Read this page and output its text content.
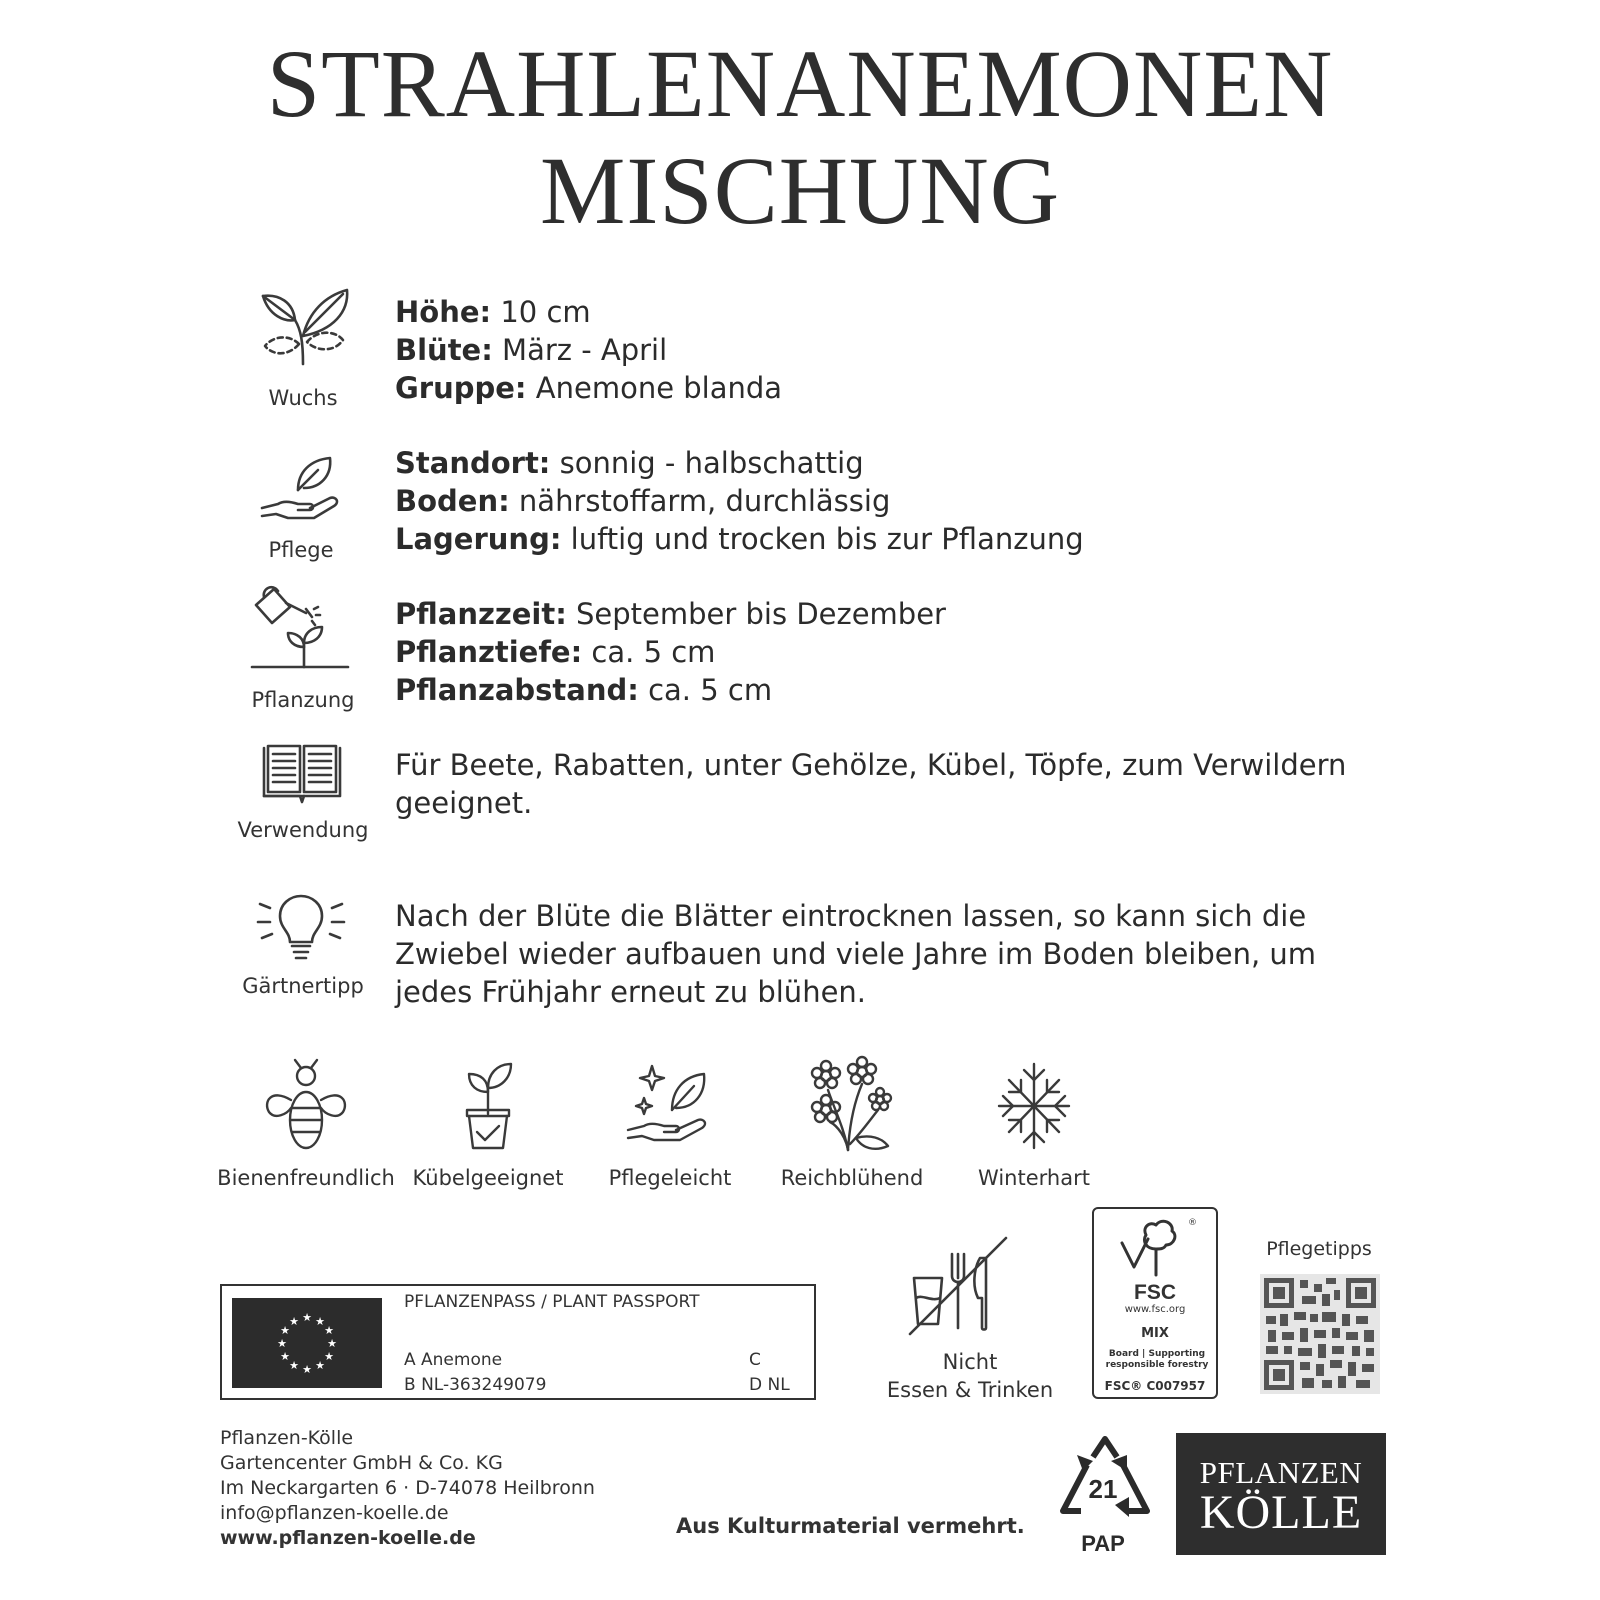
STRAHLENANEMONEN
MISCHUNG
Wuchs
Höhe: 10 cm
Blüte: März - April
Gruppe: Anemone blanda
Pflege
Standort: sonnig - halbschattig
Boden: nährstoffarm, durchlässig
Lagerung: luftig und trocken bis zur Pflanzung
Pflanzung
Pflanzzeit: September bis Dezember
Pflanztiefe: ca. 5 cm
Pflanzabstand: ca. 5 cm
Verwendung
Für Beete, Rabatten, unter Gehölze, Kübel, Töpfe, zum Verwildern
geeignet.
Gärtnertipp
Nach der Blüte die Blätter eintrocknen lassen, so kann sich die
Zwiebel wieder aufbauen und viele Jahre im Boden bleiben, um
jedes Frühjahr erneut zu blühen.
Bienenfreundlich Kübelgeeignet	Pflegeleicht	Reichblühend	Winterhart
★ ★
★
★
★
★
★
★
★
★
★
★
PFLANZENPASS / PLANT PASSPORT
A Anemone
B NL-363249079
C
D NL
Nicht
Essen & Trinken
®
FSC
www.fsc.org
MIX
Board | Supporting responsible forestry
FSC® C007957
Pflegetipps
Pflanzen-Kölle
Gartencenter GmbH & Co. KG
Im Neckargarten 6 · D-74078 Heilbronn
info@pflanzen-koelle.de
www.pflanzen-koelle.de	Aus Kulturmaterial vermehrt.
21
PAP
PFLANZEN
KÖLLE
